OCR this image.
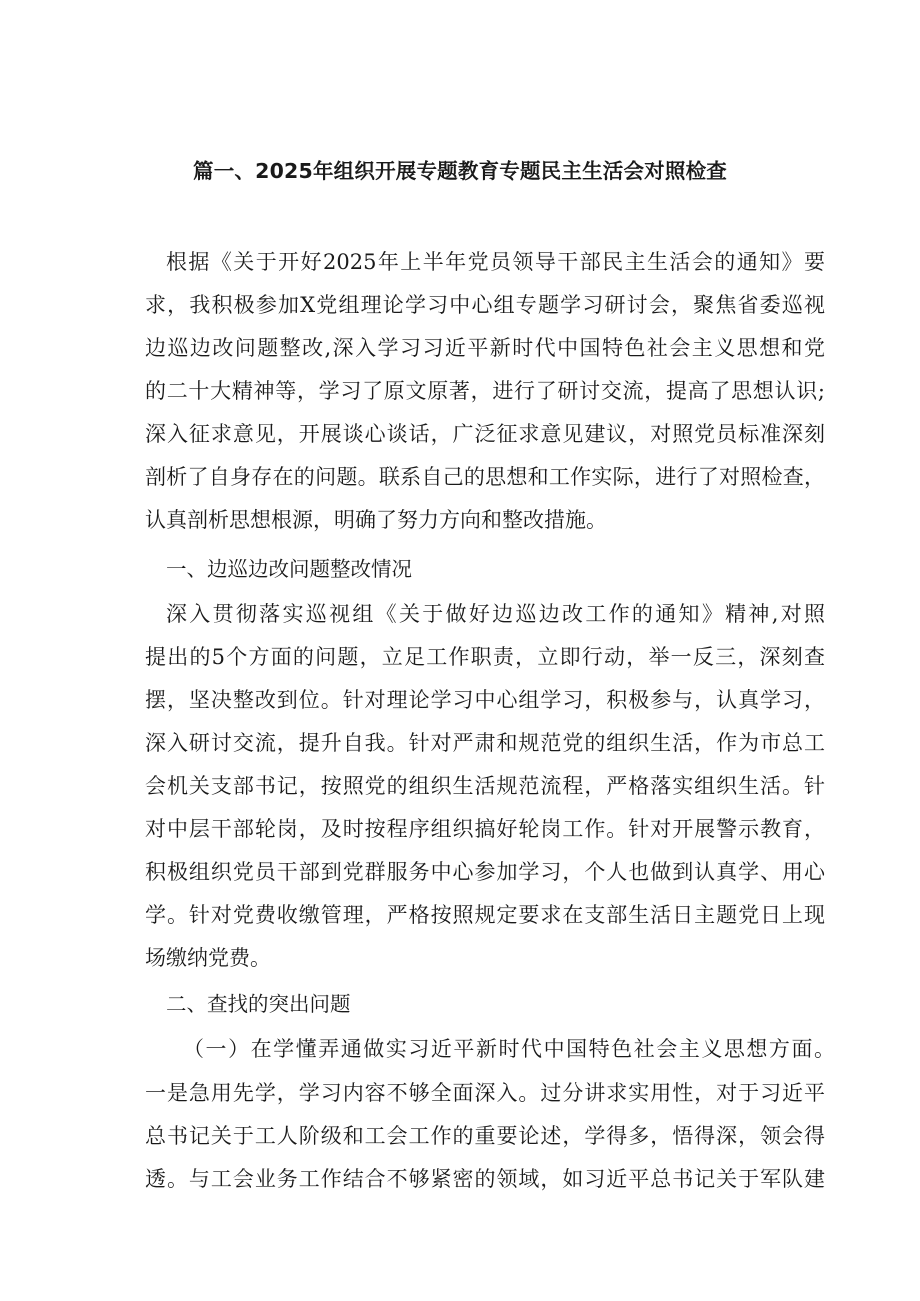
篇一、2025年组织开展专题教育专题民主生活会对照检查
根据《关于开好2025年上半年党员领导干部民主生活会的通知》要
求，我积极参加X党组理论学习中心组专题学习研讨会，聚焦省委巡视
边巡边改问题整改,深入学习习近平新时代中国特色社会主义思想和党
的二十大精神等，学习了原文原著，进行了研讨交流，提高了思想认识;
深入征求意见，开展谈心谈话，广泛征求意见建议，对照党员标准深刻
剖析了自身存在的问题。联系自己的思想和工作实际，进行了对照检查，
认真剖析思想根源，明确了努力方向和整改措施。
一、边巡边改问题整改情况
深入贯彻落实巡视组《关于做好边巡边改工作的通知》精神,对照
提出的5个方面的问题，立足工作职责，立即行动，举一反三，深刻查
摆，坚决整改到位。针对理论学习中心组学习，积极参与，认真学习，
深入研讨交流，提升自我。针对严肃和规范党的组织生活，作为市总工
会机关支部书记，按照党的组织生活规范流程，严格落实组织生活。针
对中层干部轮岗，及时按程序组织搞好轮岗工作。针对开展警示教育，
积极组织党员干部到党群服务中心参加学习，个人也做到认真学、用心
学。针对党费收缴管理，严格按照规定要求在支部生活日主题党日上现
场缴纳党费。
二、查找的突出问题
（一）在学懂弄通做实习近平新时代中国特色社会主义思想方面。
一是急用先学，学习内容不够全面深入。过分讲求实用性，对于习近平
总书记关于工人阶级和工会工作的重要论述，学得多，悟得深，领会得
透。与工会业务工作结合不够紧密的领域，如习近平总书记关于军队建
